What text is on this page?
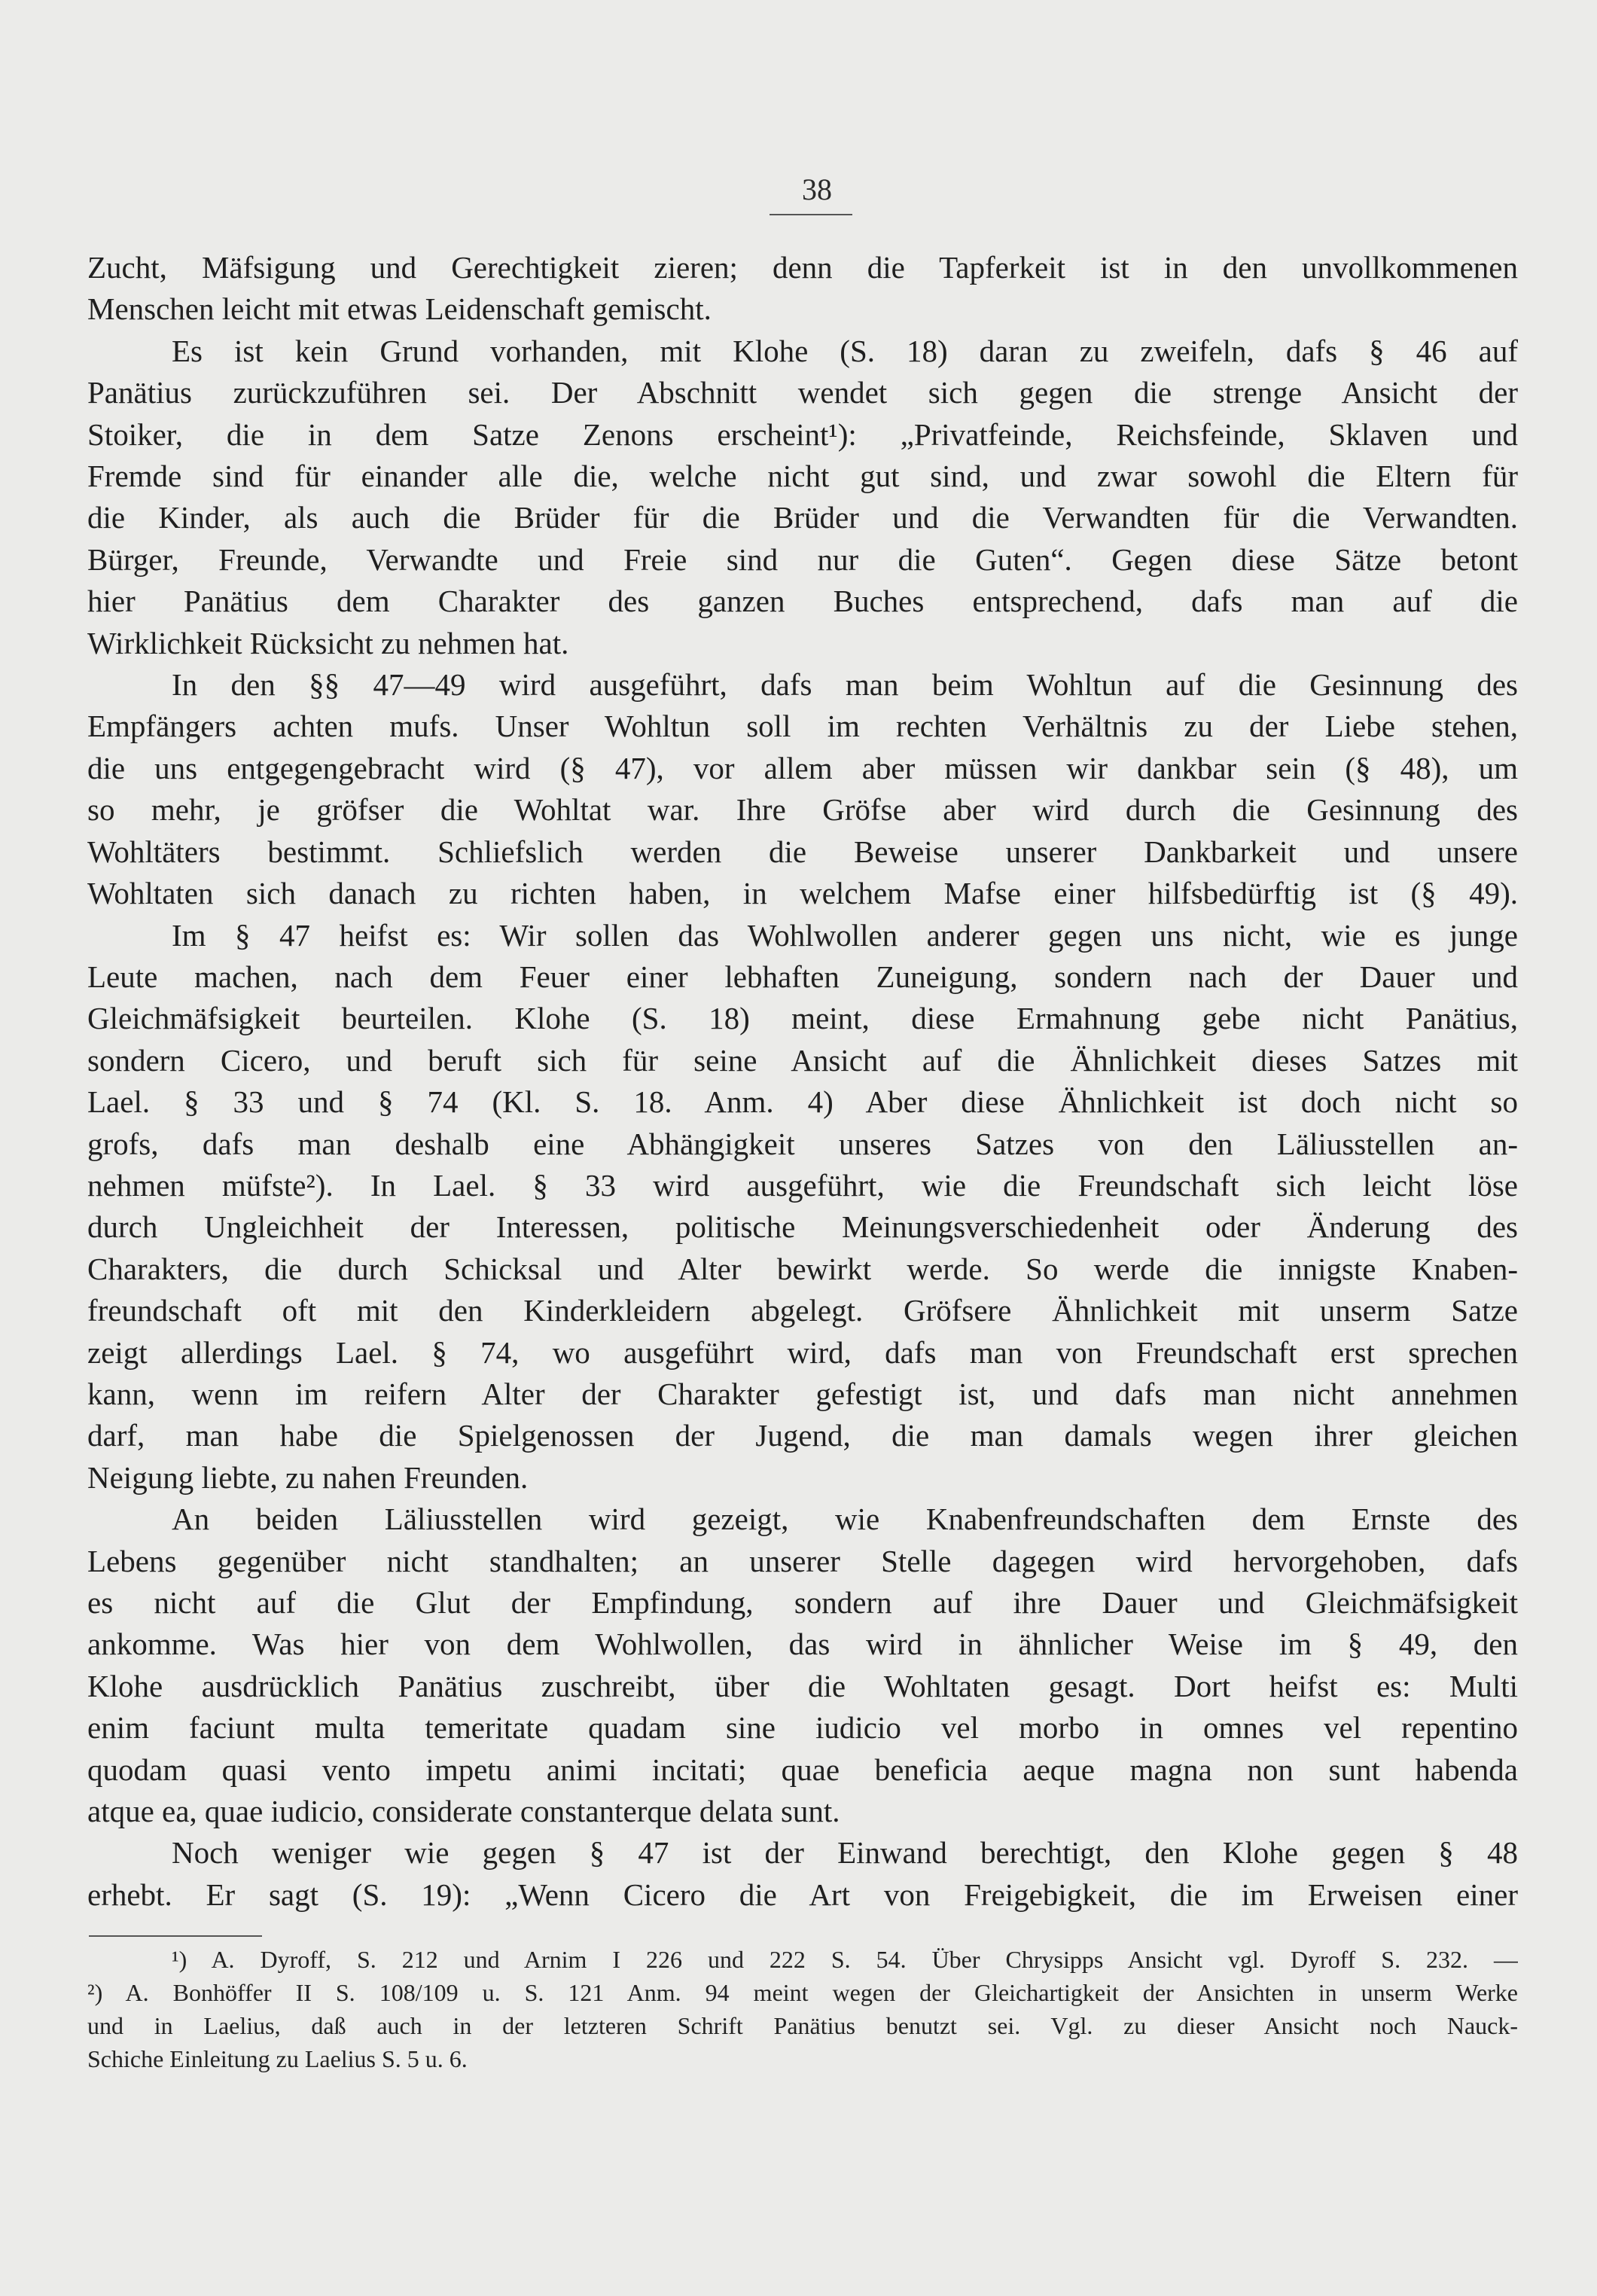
38
Zucht, Mäfsigung und Gerechtigkeit zieren; denn die Tapferkeit ist in den unvollkommenen
Menschen leicht mit etwas Leidenschaft gemischt.
Es ist kein Grund vorhanden, mit Klohe (S. 18) daran zu zweifeln, dafs § 46 auf
Panätius zurückzuführen sei. Der Abschnitt wendet sich gegen die strenge Ansicht der
Stoiker, die in dem Satze Zenons erscheint¹): „Privatfeinde, Reichsfeinde, Sklaven und
Fremde sind für einander alle die, welche nicht gut sind, und zwar sowohl die Eltern für
die Kinder, als auch die Brüder für die Brüder und die Verwandten für die Verwandten.
Bürger, Freunde, Verwandte und Freie sind nur die Guten“. Gegen diese Sätze betont
hier Panätius dem Charakter des ganzen Buches entsprechend, dafs man auf die
Wirklichkeit Rücksicht zu nehmen hat.
In den §§ 47—49 wird ausgeführt, dafs man beim Wohltun auf die Gesinnung des
Empfängers achten mufs. Unser Wohltun soll im rechten Verhältnis zu der Liebe stehen,
die uns entgegengebracht wird (§ 47), vor allem aber müssen wir dankbar sein (§ 48), um
so mehr, je gröfser die Wohltat war. Ihre Gröfse aber wird durch die Gesinnung des
Wohltäters bestimmt. Schliefslich werden die Beweise unserer Dankbarkeit und unsere
Wohltaten sich danach zu richten haben, in welchem Mafse einer hilfsbedürftig ist (§ 49).
Im § 47 heifst es: Wir sollen das Wohlwollen anderer gegen uns nicht, wie es junge
Leute machen, nach dem Feuer einer lebhaften Zuneigung, sondern nach der Dauer und
Gleichmäfsigkeit beurteilen. Klohe (S. 18) meint, diese Ermahnung gebe nicht Panätius,
sondern Cicero, und beruft sich für seine Ansicht auf die Ähnlichkeit dieses Satzes mit
Lael. § 33 und § 74 (Kl. S. 18. Anm. 4) Aber diese Ähnlichkeit ist doch nicht so
grofs, dafs man deshalb eine Abhängigkeit unseres Satzes von den Läliusstellen an-
nehmen müfste²). In Lael. § 33 wird ausgeführt, wie die Freundschaft sich leicht löse
durch Ungleichheit der Interessen, politische Meinungsverschiedenheit oder Änderung des
Charakters, die durch Schicksal und Alter bewirkt werde. So werde die innigste Knaben-
freundschaft oft mit den Kinderkleidern abgelegt. Gröfsere Ähnlichkeit mit unserm Satze
zeigt allerdings Lael. § 74, wo ausgeführt wird, dafs man von Freundschaft erst sprechen
kann, wenn im reifern Alter der Charakter gefestigt ist, und dafs man nicht annehmen
darf, man habe die Spielgenossen der Jugend, die man damals wegen ihrer gleichen
Neigung liebte, zu nahen Freunden.
An beiden Läliusstellen wird gezeigt, wie Knabenfreundschaften dem Ernste des
Lebens gegenüber nicht standhalten; an unserer Stelle dagegen wird hervorgehoben, dafs
es nicht auf die Glut der Empfindung, sondern auf ihre Dauer und Gleichmäfsigkeit
ankomme. Was hier von dem Wohlwollen, das wird in ähnlicher Weise im § 49, den
Klohe ausdrücklich Panätius zuschreibt, über die Wohltaten gesagt. Dort heifst es: Multi
enim faciunt multa temeritate quadam sine iudicio vel morbo in omnes vel repentino
quodam quasi vento impetu animi incitati; quae beneficia aeque magna non sunt habenda
atque ea, quae iudicio, considerate constanterque delata sunt.
Noch weniger wie gegen § 47 ist der Einwand berechtigt, den Klohe gegen § 48
erhebt. Er sagt (S. 19): „Wenn Cicero die Art von Freigebigkeit, die im Erweisen einer
¹) A. Dyroff, S. 212 und Arnim I 226 und 222 S. 54. Über Chrysipps Ansicht vgl. Dyroff S. 232. —
²) A. Bonhöffer II S. 108/109 u. S. 121 Anm. 94 meint wegen der Gleichartigkeit der Ansichten in unserm Werke
und in Laelius, daß auch in der letzteren Schrift Panätius benutzt sei. Vgl. zu dieser Ansicht noch Nauck-
Schiche Einleitung zu Laelius S. 5 u. 6.
